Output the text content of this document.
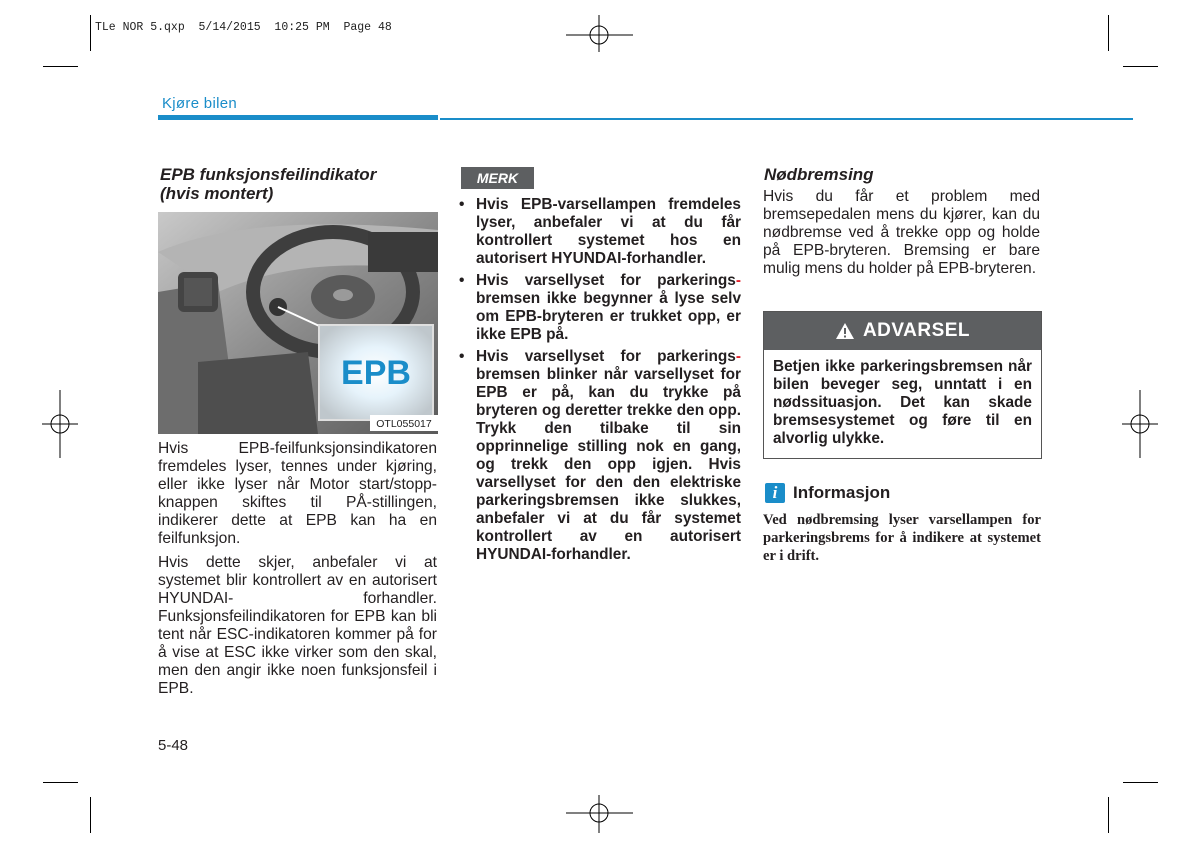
TLe NOR 5.qxp  5/14/2015  10:25 PM  Page 48
Kjøre bilen
EPB funksjonsfeilindikator
(hvis montert)
EPB
OTL055017

Hvis EPB-feilfunksjonsindikatoren fremdeles lyser, tennes under kjøring, eller ikke lyser når Motor start/stopp-knappen skiftes til PÅ-stillingen, indikerer dette at EPB kan ha en feilfunksjon.

Hvis dette skjer, anbefaler vi at systemet blir kontrollert av en autorisert HYUNDAI- forhandler. Funksjonsfeilindikatoren for EPB kan bli tent når ESC-indikatoren kommer på for å vise at ESC ikke virker som den skal, men den angir ikke noen funksjonsfeil i EPB.

MERK
• Hvis EPB-varsellampen fremdeles lyser, anbefaler vi at du får kontrollert systemet hos en autorisert HYUNDAI-forhandler.
• Hvis varsellyset for parkerings-bremsen ikke begynner å lyse selv om EPB-bryteren er trukket opp, er ikke EPB på.
• Hvis varsellyset for parkerings-bremsen blinker når varsellyset for EPB er på, kan du trykke på bryteren og deretter trekke den opp. Trykk den tilbake til sin opprinnelige stilling nok en gang, og trekk den opp igjen. Hvis varsellyset for den den elektriske parkeringsbremsen ikke slukkes, anbefaler vi at du får systemet kontrollert av en autorisert HYUNDAI-forhandler.
Nødbremsing

Hvis du får et problem med bremsepedalen mens du kjører, kan du nødbremse ved å trekke opp og holde på EPB-bryteren. Bremsing er bare mulig mens du holder på EPB-bryteren.

ADVARSEL
Betjen ikke parkeringsbremsen når bilen beveger seg, unntatt i en nødssituasjon. Det kan skade bremsesystemet og føre til en alvorlig ulykke.
i Informasjon
Ved nødbremsing lyser varsellampen for parkeringsbrems for å indikere at systemet er i drift.
5-48
